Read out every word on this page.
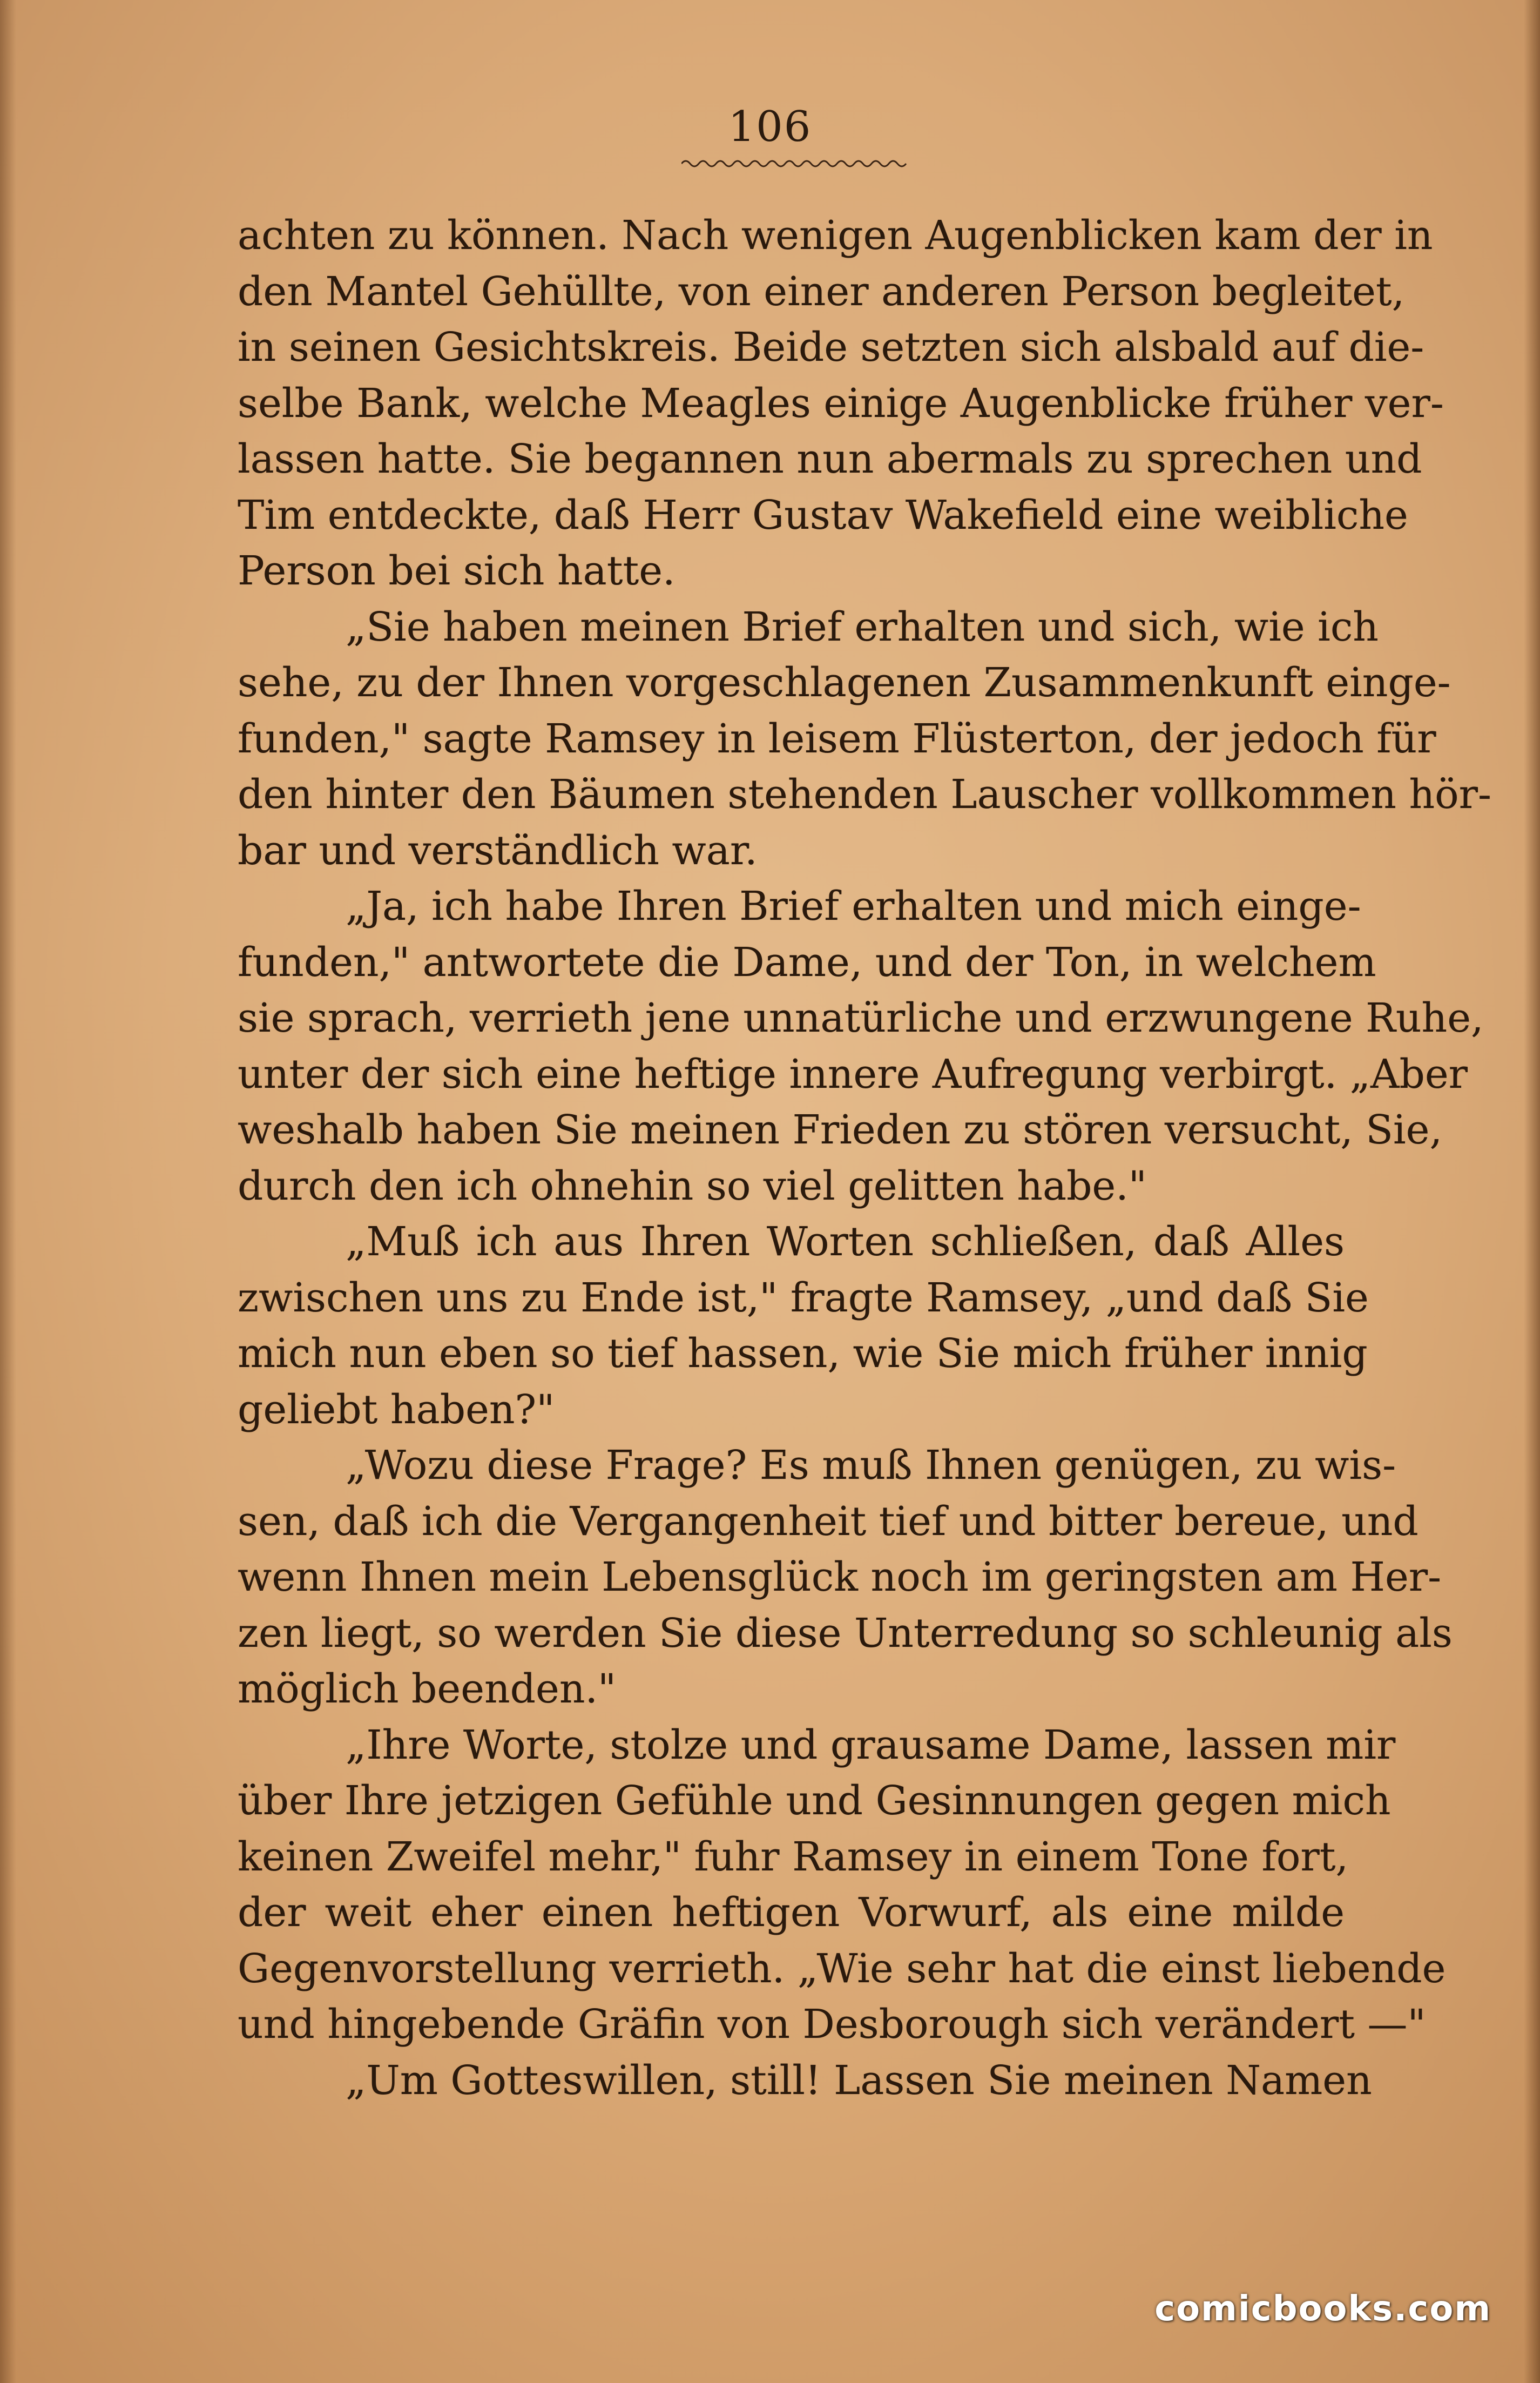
106
achten zu können. Nach wenigen Augenblicken kam der in
den Mantel Gehüllte, von einer anderen Person begleitet,
in seinen Gesichtskreis. Beide setzten sich alsbald auf die-
selbe Bank, welche Meagles einige Augenblicke früher ver-
lassen hatte. Sie begannen nun abermals zu sprechen und
Tim entdeckte, daß Herr Gustav Wakefield eine weibliche
Person bei sich hatte.
„Sie haben meinen Brief erhalten und sich, wie ich
sehe, zu der Ihnen vorgeschlagenen Zusammenkunft einge-
funden," sagte Ramsey in leisem Flüsterton, der jedoch für
den hinter den Bäumen stehenden Lauscher vollkommen hör-
bar und verständlich war.
„Ja, ich habe Ihren Brief erhalten und mich einge-
funden," antwortete die Dame, und der Ton, in welchem
sie sprach, verrieth jene unnatürliche und erzwungene Ruhe,
unter der sich eine heftige innere Aufregung verbirgt. „Aber
weshalb haben Sie meinen Frieden zu stören versucht, Sie,
durch den ich ohnehin so viel gelitten habe."
„Muß ich aus Ihren Worten schließen, daß Alles
zwischen uns zu Ende ist," fragte Ramsey, „und daß Sie
mich nun eben so tief hassen, wie Sie mich früher innig
geliebt haben?"
„Wozu diese Frage? Es muß Ihnen genügen, zu wis-
sen, daß ich die Vergangenheit tief und bitter bereue, und
wenn Ihnen mein Lebensglück noch im geringsten am Her-
zen liegt, so werden Sie diese Unterredung so schleunig als
möglich beenden."
„Ihre Worte, stolze und grausame Dame, lassen mir
über Ihre jetzigen Gefühle und Gesinnungen gegen mich
keinen Zweifel mehr," fuhr Ramsey in einem Tone fort,
der weit eher einen heftigen Vorwurf, als eine milde
Gegenvorstellung verrieth. „Wie sehr hat die einst liebende
und hingebende Gräfin von Desborough sich verändert —"
„Um Gotteswillen, still! Lassen Sie meinen Namen
comicbooks.com
